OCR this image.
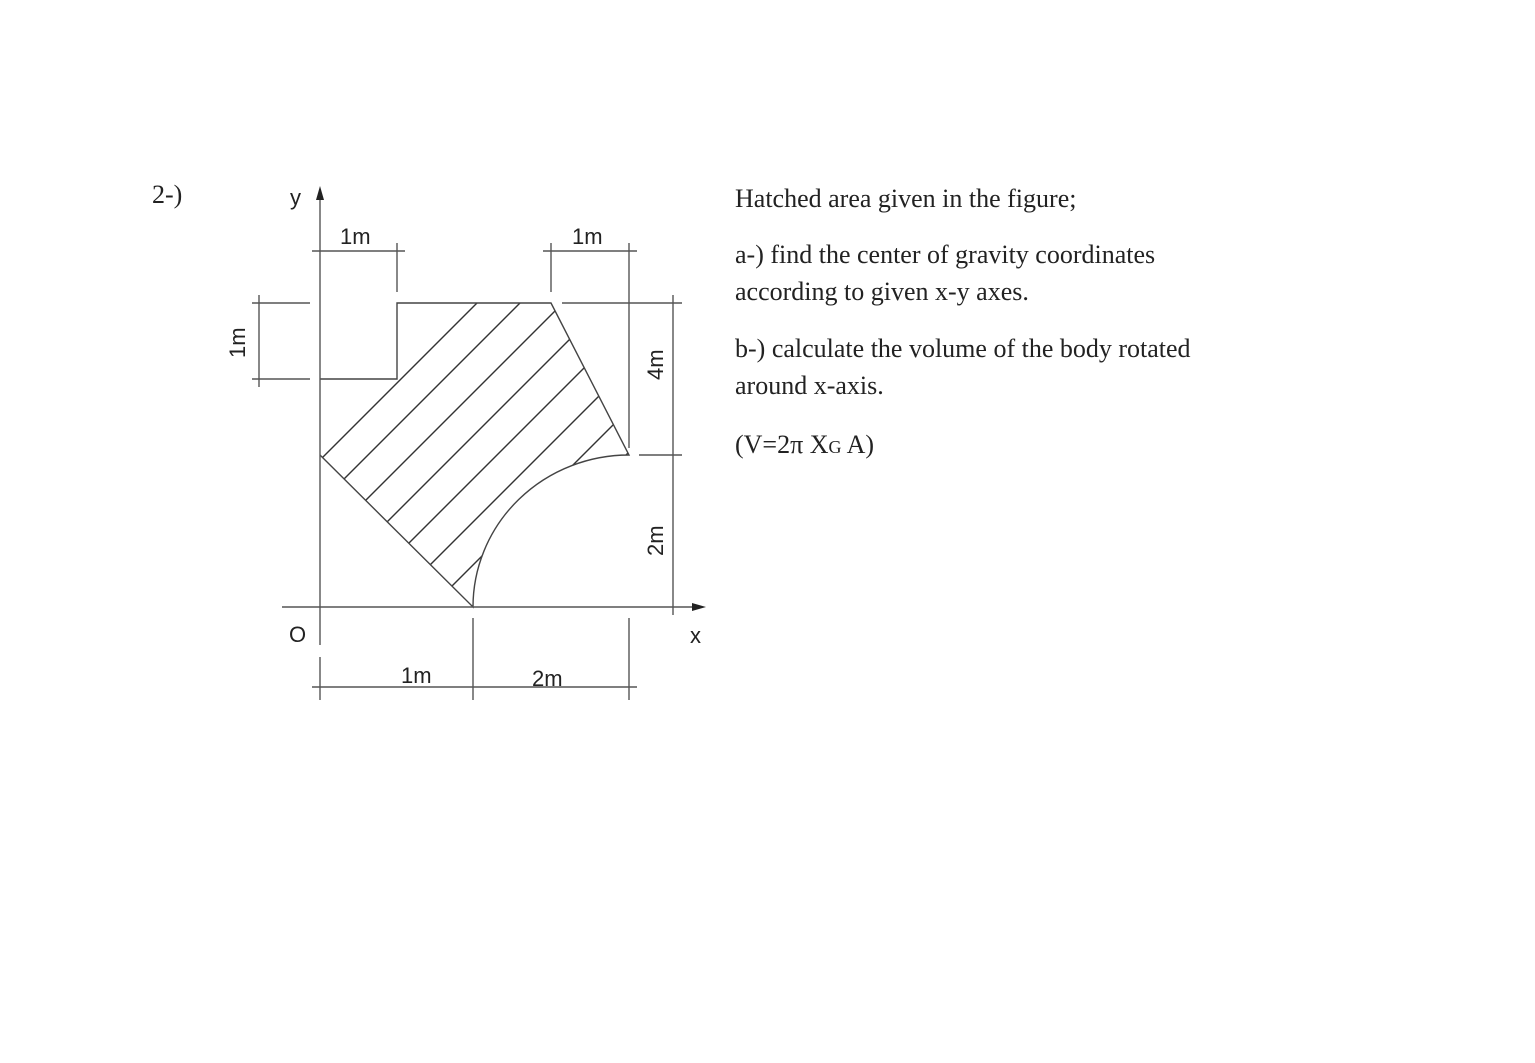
2-)	y
O	x
1m	1m
1m
4m
2m
1m	2m
Hatched area given in the figure;
a-) find the center of gravity coordinates
according to given x-y axes.
b-) calculate the volume of the body rotated
around x-axis.
(V=2π XG A)
